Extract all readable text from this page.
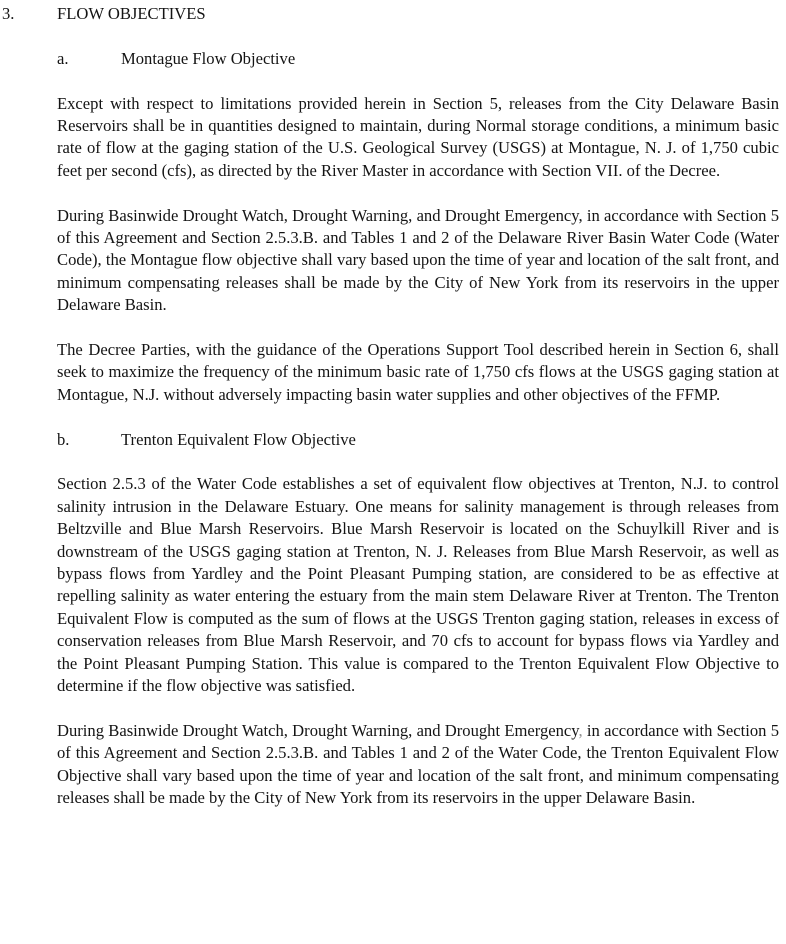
3.	FLOW OBJECTIVES
a.	Montague Flow Objective

Except with respect to limitations provided herein in Section 5, releases from the City Delaware Basin Reservoirs shall be in quantities designed to maintain, during Normal storage conditions, a minimum basic rate of flow at the gaging station of the U.S. Geological Survey (USGS) at Montague, N. J. of 1,750 cubic feet per second (cfs), as directed by the River Master in accordance with Section VII. of the Decree.

During Basinwide Drought Watch, Drought Warning, and Drought Emergency, in accordance with Section 5 of this Agreement and Section 2.5.3.B. and Tables 1 and 2 of the Delaware River Basin Water Code (Water Code), the Montague flow objective shall vary based upon the time of year and location of the salt front, and minimum compensating releases shall be made by the City of New York from its reservoirs in the upper Delaware Basin.

The Decree Parties, with the guidance of the Operations Support Tool described herein in Section 6, shall seek to maximize the frequency of the minimum basic rate of 1,750 cfs flows at the USGS gaging station at Montague, N.J. without adversely impacting basin water supplies and other objectives of the FFMP.

b.	Trenton Equivalent Flow Objective

Section 2.5.3 of the Water Code establishes a set of equivalent flow objectives at Trenton, N.J. to control salinity intrusion in the Delaware Estuary. One means for salinity management is through releases from Beltzville and Blue Marsh Reservoirs. Blue Marsh Reservoir is located on the Schuylkill River and is downstream of the USGS gaging station at Trenton, N. J. Releases from Blue Marsh Reservoir, as well as bypass flows from Yardley and the Point Pleasant Pumping station, are considered to be as effective at repelling salinity as water entering the estuary from the main stem Delaware River at Trenton. The Trenton Equivalent Flow is computed as the sum of flows at the USGS Trenton gaging station, releases in excess of conservation releases from Blue Marsh Reservoir, and 70 cfs to account for bypass flows via Yardley and the Point Pleasant Pumping Station. This value is compared to the Trenton Equivalent Flow Objective to determine if the flow objective was satisfied.

During Basinwide Drought Watch, Drought Warning, and Drought Emergency, in accordance with Section 5 of this Agreement and Section 2.5.3.B. and Tables 1 and 2 of the Water Code, the Trenton Equivalent Flow Objective shall vary based upon the time of year and location of the salt front, and minimum compensating releases shall be made by the City of New York from its reservoirs in the upper Delaware Basin.
